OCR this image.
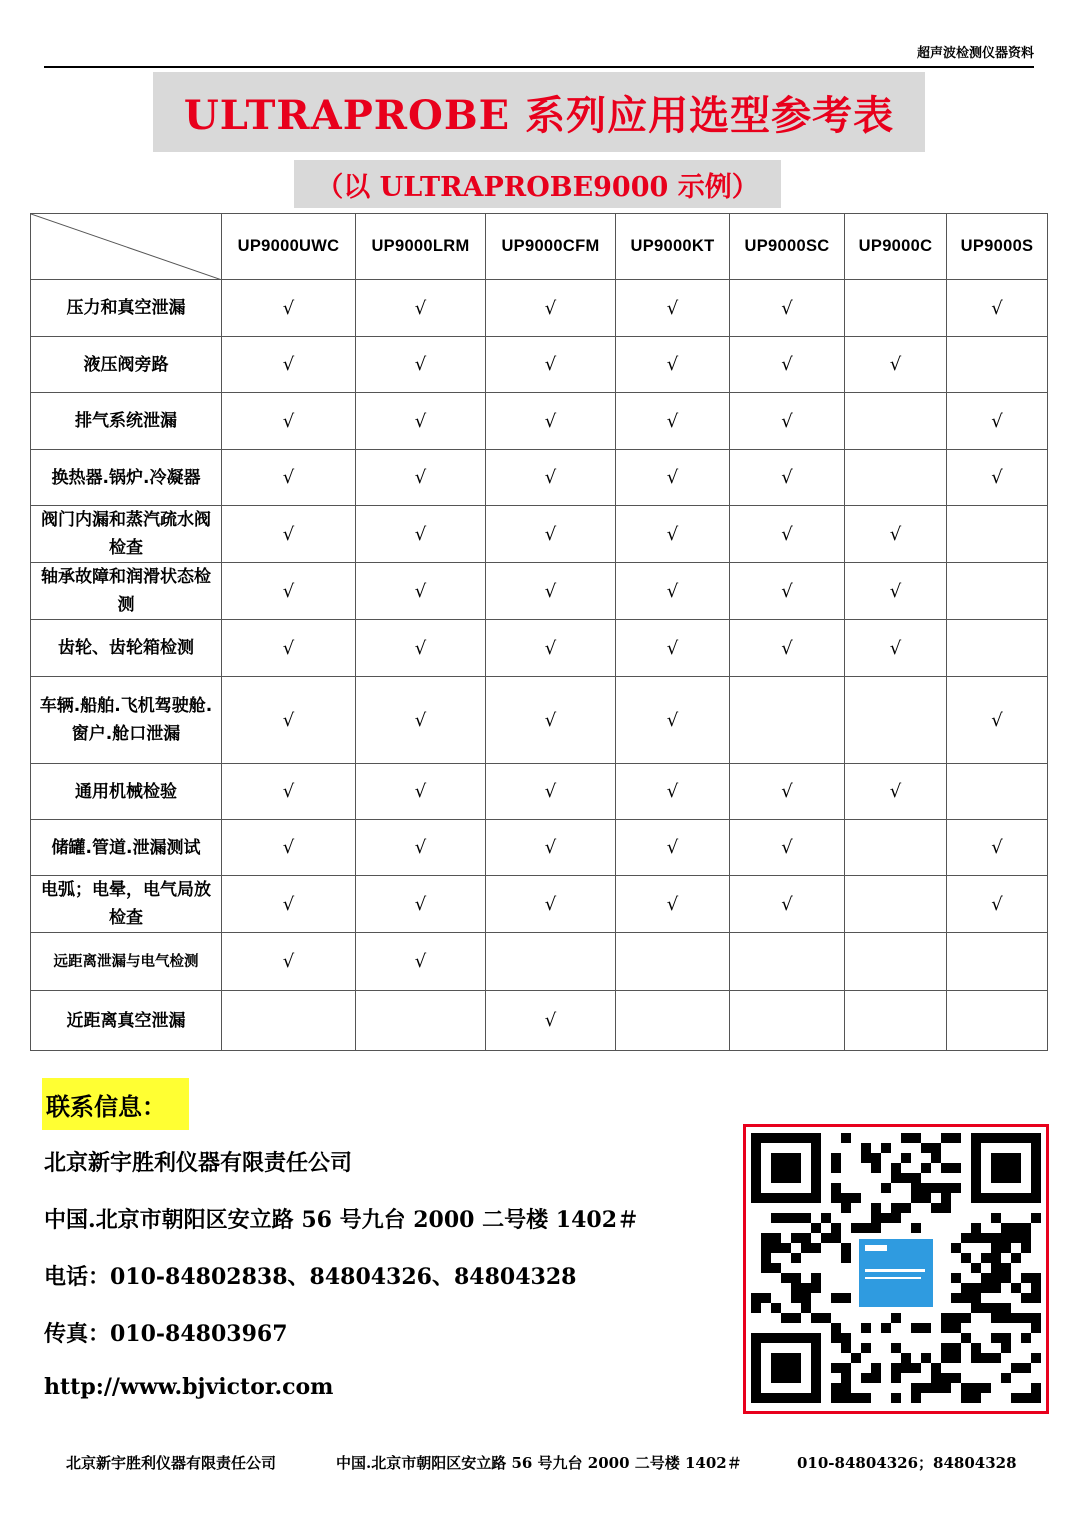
超声波检测仪器资料
ULTRAPROBE 系列应用选型参考表
（以 ULTRAPROBE9000 示例）
	UP9000UWC	UP9000LRM	UP9000CFM	UP9000KT	UP9000SC	UP9000C	UP9000S
压力和真空泄漏	√	√	√	√	√		√
液压阀旁路	√	√	√	√	√	√	
排气系统泄漏	√	√	√	√	√		√
换热器.锅炉.冷凝器	√	√	√	√	√		√
阀门内漏和蒸汽疏水阀检查	√	√	√	√	√	√	
轴承故障和润滑状态检测	√	√	√	√	√	√	
齿轮、齿轮箱检测	√	√	√	√	√	√	
车辆.船舶.飞机驾驶舱.窗户.舱口泄漏	√	√	√	√			√
通用机械检验	√	√	√	√	√	√	
储罐.管道.泄漏测试	√	√	√	√	√		√
电弧；电晕，电气局放检查	√	√	√	√	√		√
远距离泄漏与电气检测	√	√					
近距离真空泄漏			√				
联系信息：
北京新宇胜利仪器有限责任公司
中国.北京市朝阳区安立路 56 号九台 2000 二号楼 1402＃
电话：010-84802838、84804326、84804328
传真：010-84803967
http://www.bjvictor.com
北京新宇胜利仪器有限责任公司	中国.北京市朝阳区安立路 56 号九台 2000 二号楼 1402＃	010-84804326；84804328
